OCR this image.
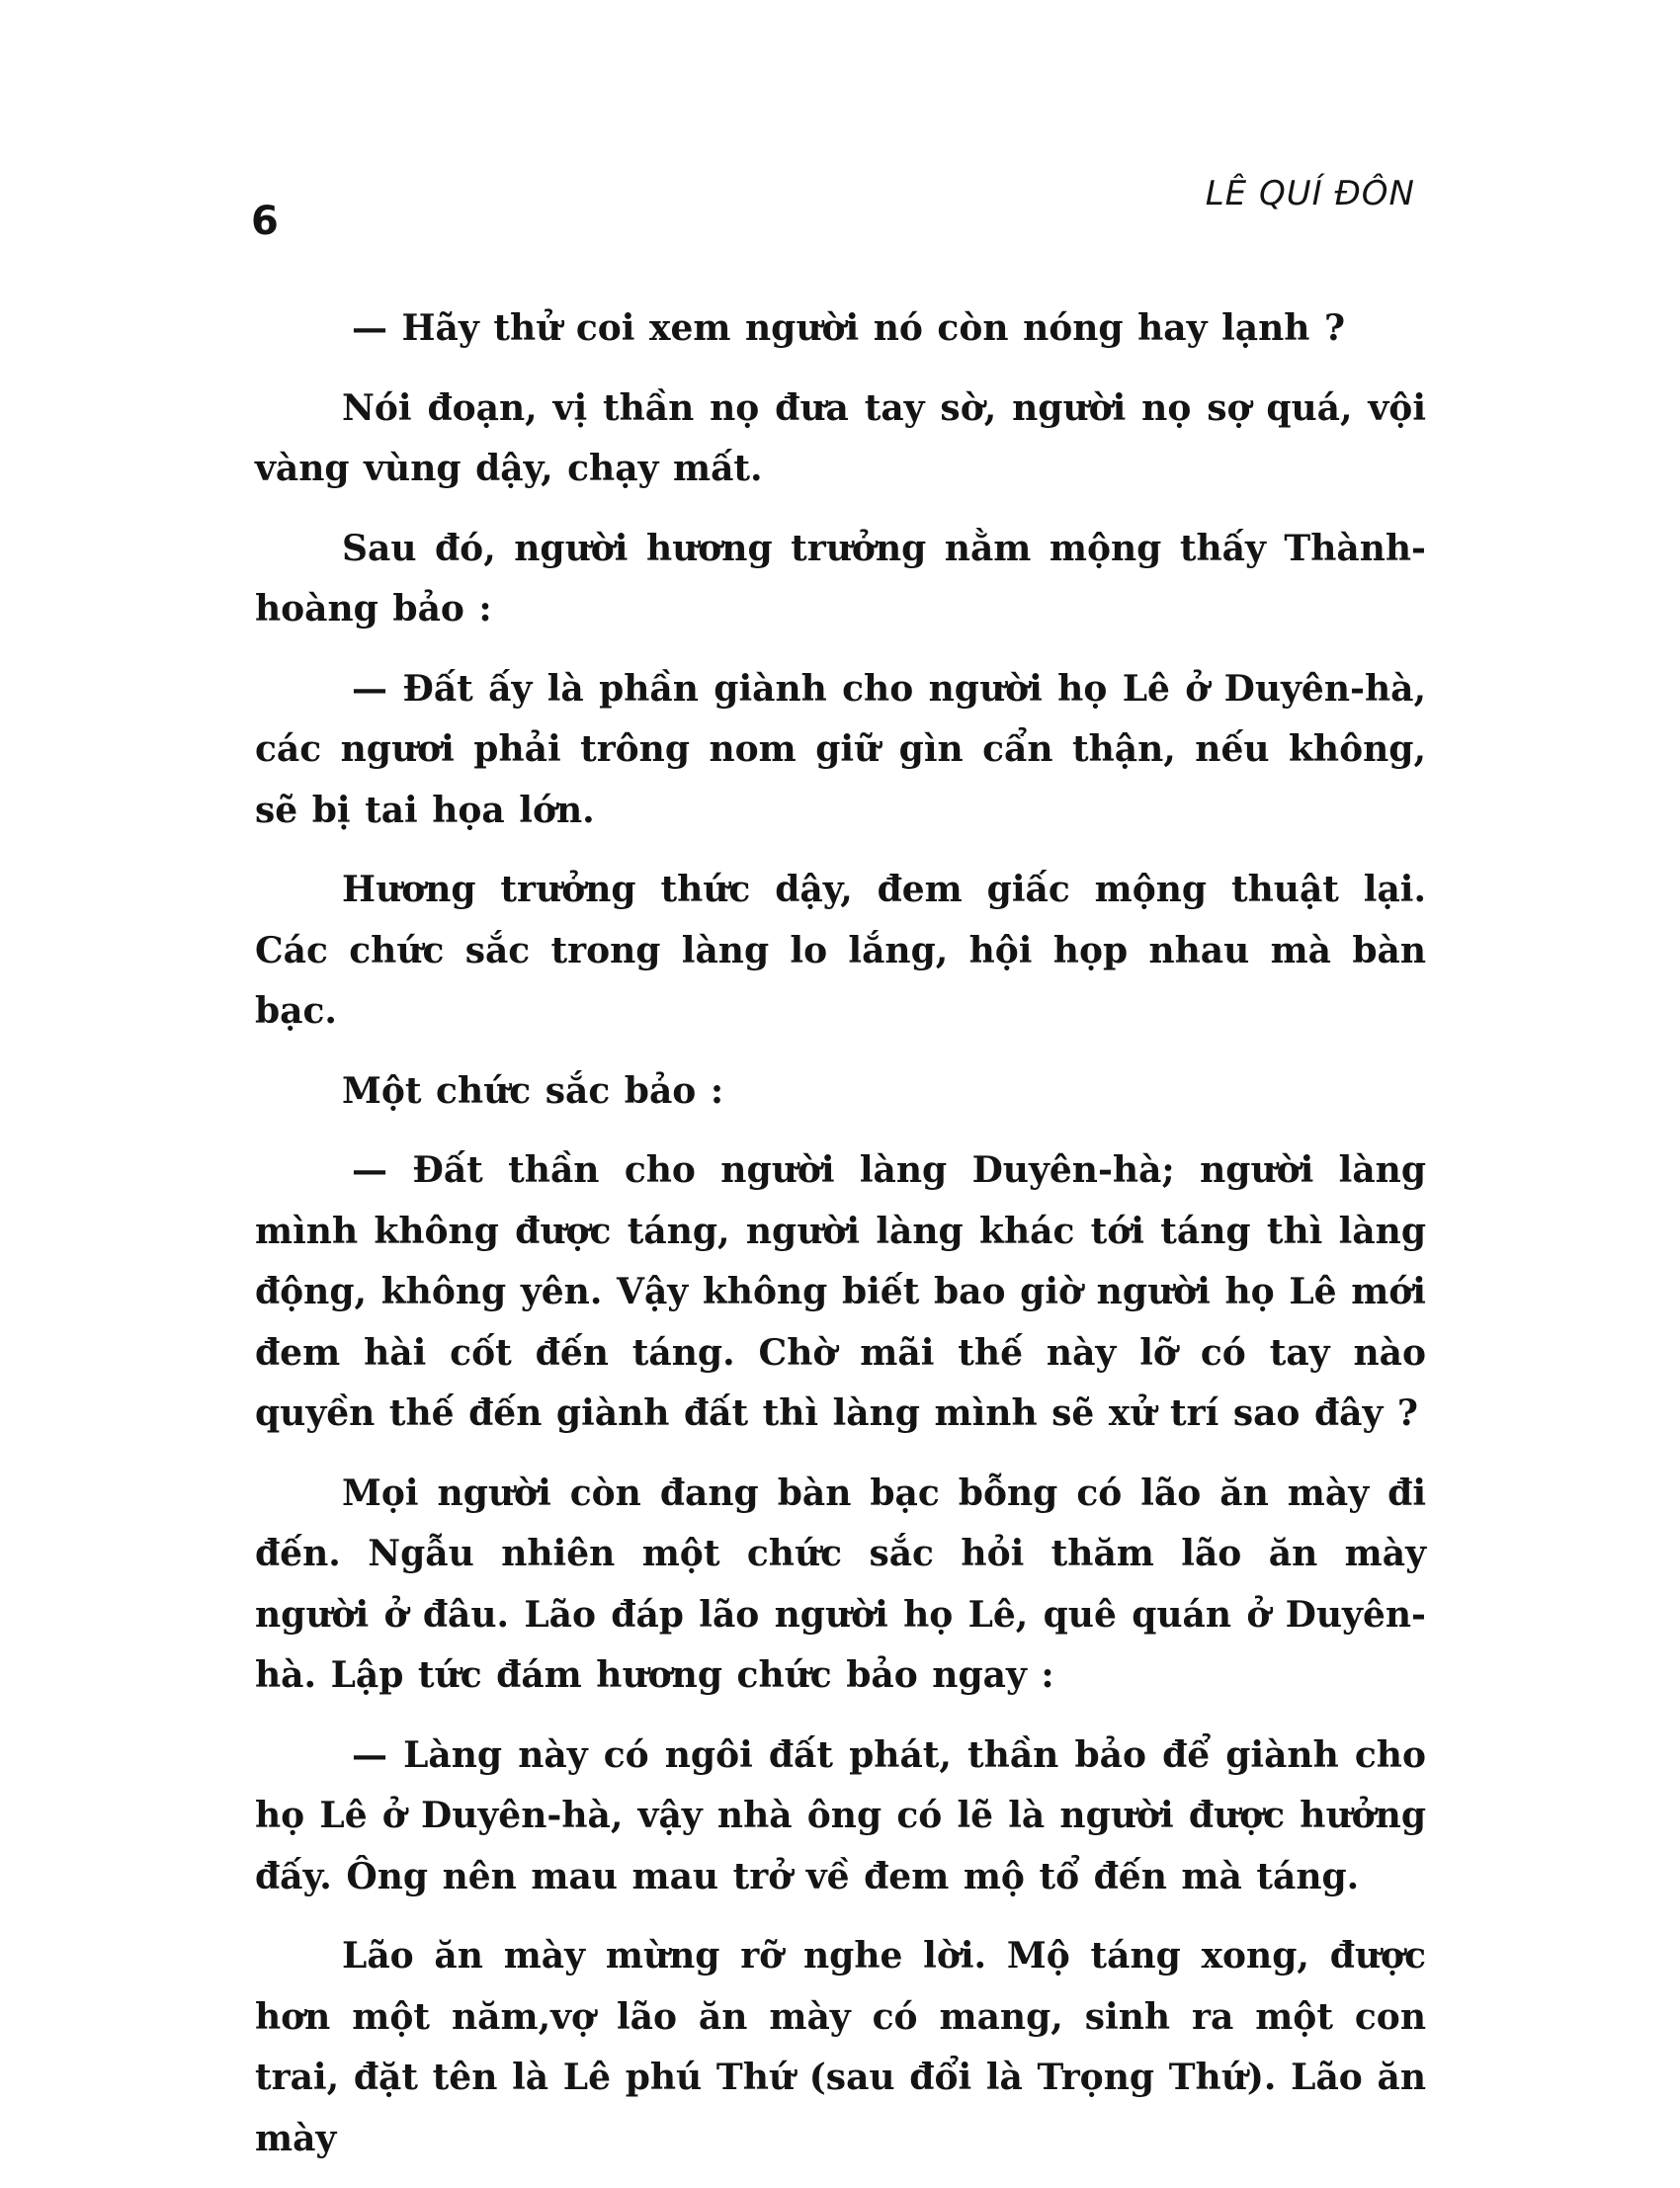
6
LÊ QUÍ ĐÔN

— Hãy thử coi xem người nó còn nóng hay lạnh ?

Nói đoạn, vị thần nọ đưa tay sờ, người nọ sợ quá, vội vàng vùng dậy, chạy mất.

Sau đó, người hương trưởng nằm mộng thấy Thành-hoàng bảo :

— Đất ấy là phần giành cho người họ Lê ở Duyên-hà, các ngươi phải trông nom giữ gìn cẩn thận, nếu không, sẽ bị tai họa lớn.

Hương trưởng thức dậy, đem giấc mộng thuật lại. Các chức sắc trong làng lo lắng, hội họp nhau mà bàn bạc.

Một chức sắc bảo :

— Đất thần cho người làng Duyên-hà; người làng mình không được táng, người làng khác tới táng thì làng động, không yên. Vậy không biết bao giờ người họ Lê mới đem hài cốt đến táng. Chờ mãi thế này lỡ có tay nào quyền thế đến giành đất thì làng mình sẽ xử trí sao đây ?

Mọi người còn đang bàn bạc bỗng có lão ăn mày đi đến. Ngẫu nhiên một chức sắc hỏi thăm lão ăn mày người ở đâu. Lão đáp lão người họ Lê, quê quán ở Duyên-hà. Lập tức đám hương chức bảo ngay :

— Làng này có ngôi đất phát, thần bảo để giành cho họ Lê ở Duyên-hà, vậy nhà ông có lẽ là người được hưởng đấy. Ông nên mau mau trở về đem mộ tổ đến mà táng.

Lão ăn mày mừng rỡ nghe lời. Mộ táng xong, được hơn một năm,vợ lão ăn mày có mang, sinh ra một con trai, đặt tên là Lê phú Thứ (sau đổi là Trọng Thứ). Lão ăn mày
